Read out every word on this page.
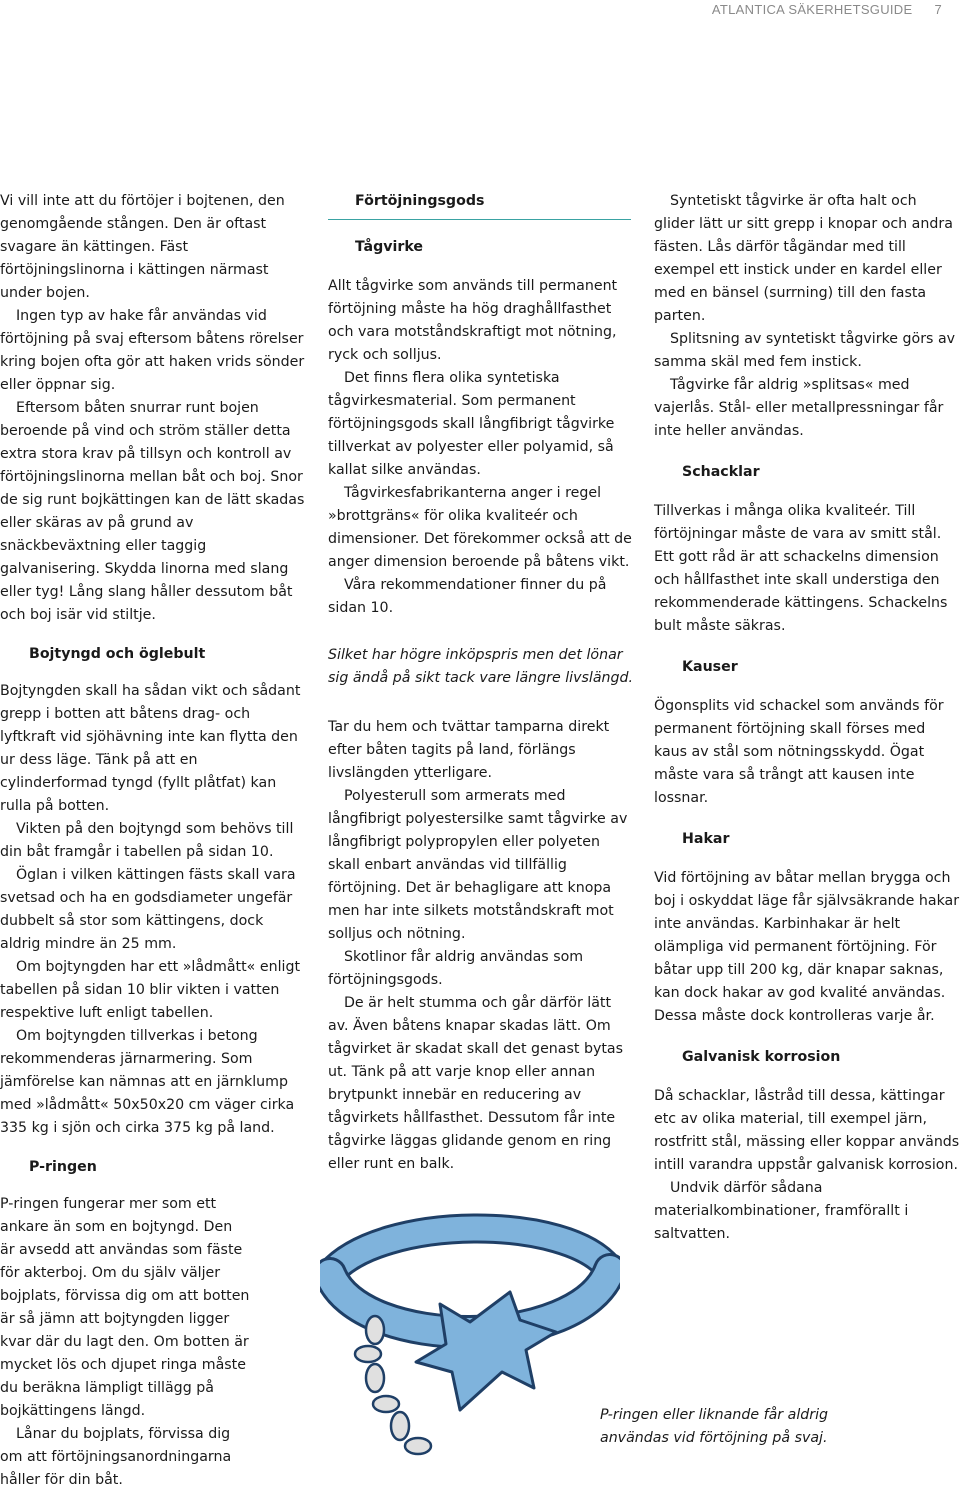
ATLANTICA SÄKERHETSGUIDE 7

Vi vill inte att du förtöjer i bojtenen, den genomgående stången. Den är oftast svagare än kättingen. Fäst förtöjningslinorna i kättingen närmast under bojen.

Ingen typ av hake får användas vid förtöjning på svaj eftersom båtens rörelser kring bojen ofta gör att haken vrids sönder eller öppnar sig.

Eftersom båten snurrar runt bojen beroende på vind och ström ställer detta extra stora krav på tillsyn och kontroll av förtöjningslinorna mellan båt och boj. Snor de sig runt bojkättingen kan de lätt skadas eller skäras av på grund av snäckbeväxtning eller taggig galvanisering. Skydda linorna med slang eller tyg! Lång slang håller dessutom båt och boj isär vid stiltje.

Bojtyngd och öglebult

Bojtyngden skall ha sådan vikt och sådant grepp i botten att båtens drag- och lyftkraft vid sjöhävning inte kan flytta den ur dess läge. Tänk på att en cylinderformad tyngd (fyllt plåtfat) kan rulla på botten.

Vikten på den bojtyngd som behövs till din båt framgår i tabellen på sidan 10.

Öglan i vilken kättingen fästs skall vara svetsad och ha en godsdiameter ungefär dubbelt så stor som kättingens, dock aldrig mindre än 25 mm.

Om bojtyngden har ett »lådmått« enligt tabellen på sidan 10 blir vikten i vatten respektive luft enligt tabellen.

Om bojtyngden tillverkas i betong rekommenderas järnarmering. Som jämförelse kan nämnas att en järnklump med »lådmått« 50x50x20 cm väger cirka 335 kg i sjön och cirka 375 kg på land.

P-ringen

P-ringen fungerar mer som ett ankare än som en bojtyngd. Den är avsedd att användas som fäste för akterboj. Om du själv väljer bojplats, förvissa dig om att botten är så jämn att bojtyngden ligger kvar där du lagt den. Om botten är mycket lös och djupet ringa måste du beräkna lämpligt tillägg på bojkättingens längd.

Lånar du bojplats, förvissa dig om att förtöjningsanordningarna håller för din båt.

Förtöjningsgods
Tågvirke

Allt tågvirke som används till permanent förtöjning måste ha hög draghållfasthet och vara motståndskraftigt mot nötning, ryck och solljus.

Det finns flera olika syntetiska tågvirkesmaterial. Som permanent förtöjningsgods skall långfibrigt tågvirke tillverkat av polyester eller polyamid, så kallat silke användas.

Tågvirkesfabrikanterna anger i regel »brottgräns« för olika kvaliteér och dimensioner. Det förekommer också att de anger dimension beroende på båtens vikt.

Våra rekommendationer finner du på sidan 10.

Silket har högre inköpspris men det lönar sig ändå på sikt tack vare längre livslängd.

Tar du hem och tvättar tamparna direkt efter båten tagits på land, förlängs livslängden ytterligare.

Polyesterull som armerats med långfibrigt polyestersilke samt tågvirke av långfibrigt polypropylen eller polyeten skall enbart användas vid tillfällig förtöjning. Det är behagligare att knopa men har inte silkets motståndskraft mot solljus och nötning.

Skotlinor får aldrig användas som förtöjningsgods.

De är helt stumma och går därför lätt av. Även båtens knapar skadas lätt. Om tågvirket är skadat skall det genast bytas ut. Tänk på att varje knop eller annan brytpunkt innebär en reducering av tågvirkets hållfasthet. Dessutom får inte tågvirke läggas glidande genom en ring eller runt en balk.

Syntetiskt tågvirke är ofta halt och glider lätt ur sitt grepp i knopar och andra fästen. Lås därför tågändar med till exempel ett instick under en kardel eller med en bänsel (surrning) till den fasta parten.

Splitsning av syntetiskt tågvirke görs av samma skäl med fem instick.

Tågvirke får aldrig »splitsas« med vajerlås. Stål- eller metallpressningar får inte heller användas.

Schacklar

Tillverkas i många olika kvaliteér. Till förtöjningar måste de vara av smitt stål. Ett gott råd är att schackelns dimension och hållfasthet inte skall understiga den rekommenderade kättingens. Schackelns bult måste säkras.

Kauser

Ögonsplits vid schackel som används för permanent förtöjning skall förses med kaus av stål som nötningsskydd. Ögat måste vara så trångt att kausen inte lossnar.

Hakar

Vid förtöjning av båtar mellan brygga och boj i oskyddat läge får självsäkrande hakar inte användas. Karbinhakar är helt olämpliga vid permanent förtöjning. För båtar upp till 200 kg, där knapar saknas, kan dock hakar av god kvalité användas. Dessa måste dock kontrolleras varje år.

Galvanisk korrosion

Då schacklar, låstråd till dessa, kättingar etc av olika material, till exempel järn, rostfritt stål, mässing eller koppar används intill varandra uppstår galvanisk korrosion.

Undvik därför sådana materialkombinationer, framförallt i saltvatten.

P-ringen eller liknande får aldrig användas vid förtöjning på svaj.
